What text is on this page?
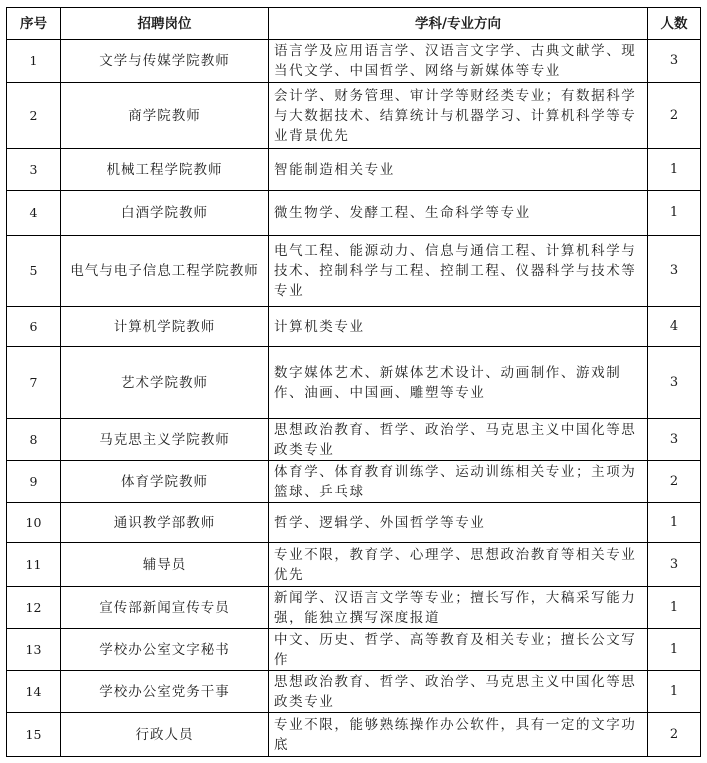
序号	招聘岗位	学科/专业方向	人数
1	文学与传媒学院教师	语言学及应用语言学、汉语言文字学、古典文献学、现当代文学、中国哲学、网络与新媒体等专业	3
2	商学院教师	会计学、财务管理、审计学等财经类专业；有数据科学与大数据技术、结算统计与机器学习、计算机科学等专业背景优先	2
3	机械工程学院教师	智能制造相关专业	1
4	白酒学院教师	微生物学、发酵工程、生命科学等专业	1
5	电气与电子信息工程学院教师	电气工程、能源动力、信息与通信工程、计算机科学与技术、控制科学与工程、控制工程、仪器科学与技术等专业	3
6	计算机学院教师	计算机类专业	4
7	艺术学院教师	数字媒体艺术、新媒体艺术设计、动画制作、游戏制作、油画、中国画、雕塑等专业	3
8	马克思主义学院教师	思想政治教育、哲学、政治学、马克思主义中国化等思政类专业	3
9	体育学院教师	体育学、体育教育训练学、运动训练相关专业；主项为篮球、乒乓球	2
10	通识教学部教师	哲学、逻辑学、外国哲学等专业	1
11	辅导员	专业不限，教育学、心理学、思想政治教育等相关专业优先	3
12	宣传部新闻宣传专员	新闻学、汉语言文学等专业；擅长写作，大稿采写能力强，能独立撰写深度报道	1
13	学校办公室文字秘书	中文、历史、哲学、高等教育及相关专业；擅长公文写作	1
14	学校办公室党务干事	思想政治教育、哲学、政治学、马克思主义中国化等思政类专业	1
15	行政人员	专业不限，能够熟练操作办公软件，具有一定的文字功底	2
